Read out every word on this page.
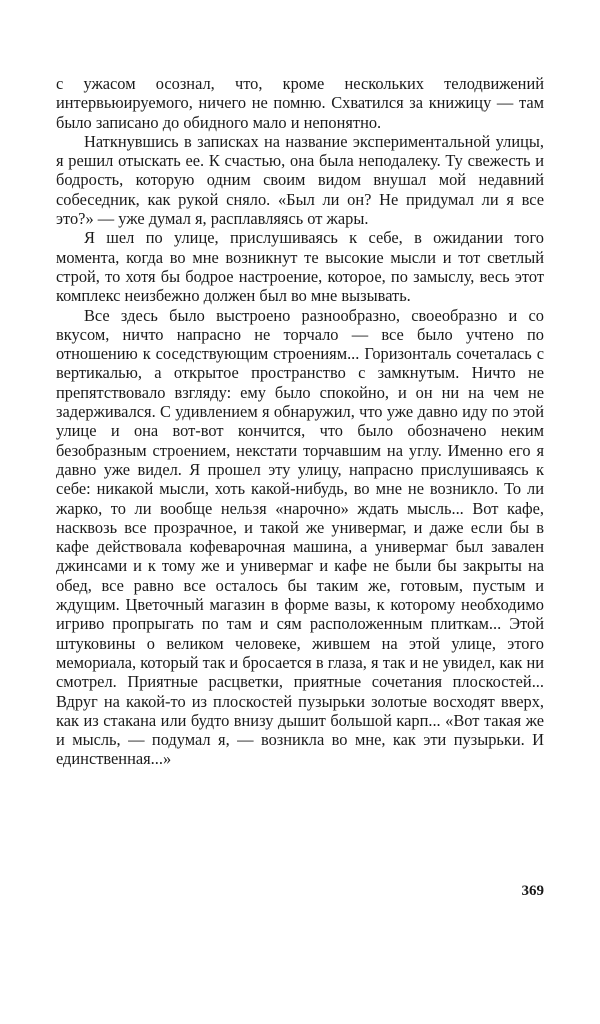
с ужасом осознал, что, кроме нескольких телодвижений интервьюируемого, ничего не помню. Схватился за книжицу — там было записано до обидного мало и непонятно.

Наткнувшись в записках на название экспериментальной улицы, я решил отыскать ее. К счастью, она была неподалеку. Ту свежесть и бодрость, которую одним своим видом внушал мой недавний собеседник, как рукой сняло. «Был ли он? Не придумал ли я все это?» — уже думал я, расплавляясь от жары.

Я шел по улице, прислушиваясь к себе, в ожидании того момента, когда во мне возникнут те высокие мысли и тот светлый строй, то хотя бы бодрое настроение, которое, по замыслу, весь этот комплекс неизбежно должен был во мне вызывать.

Все здесь было выстроено разнообразно, своеобразно и со вкусом, ничто напрасно не торчало — все было учтено по отношению к соседствующим строениям... Горизонталь сочеталась с вертикалью, а открытое пространство с замкнутым. Ничто не препятствовало взгляду: ему было спокойно, и он ни на чем не задерживался. С удивлением я обнаружил, что уже давно иду по этой улице и она вот-вот кончится, что было обозначено неким безобразным строением, некстати торчавшим на углу. Именно его я давно уже видел. Я прошел эту улицу, напрасно прислушиваясь к себе: никакой мысли, хоть какой-нибудь, во мне не возникло. То ли жарко, то ли вообще нельзя «нарочно» ждать мысль... Вот кафе, насквозь все прозрачное, и такой же универмаг, и даже если бы в кафе действовала кофеварочная машина, а универмаг был завален джинсами и к тому же и универмаг и кафе не были бы закрыты на обед, все равно все осталось бы таким же, готовым, пустым и ждущим. Цветочный магазин в форме вазы, к которому необходимо игриво пропрыгать по там и сям расположенным плиткам... Этой штуковины о великом человеке, жившем на этой улице, этого мемориала, который так и бросается в глаза, я так и не увидел, как ни смотрел. Приятные расцветки, приятные сочетания плоскостей... Вдруг на какой-то из плоскостей пузырьки золотые восходят вверх, как из стакана или будто внизу дышит большой карп... «Вот такая же и мысль, — подумал я, — возникла во мне, как эти пузырьки. И единственная...»

369
